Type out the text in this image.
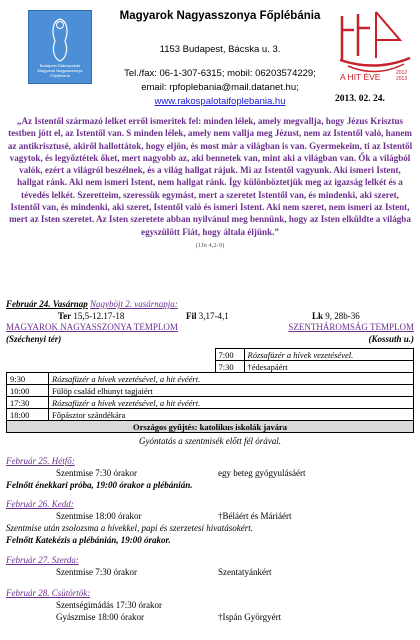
Budapest-Rákospalota
Magyarok Nagyasszonya
Főplébánia
Magyarok Nagyasszonya Főplébánia
1153 Budapest, Bácska u. 3.
Tel./fax: 06-1-307-6315; mobil: 06203574229;
email: rpfoplebania@mail.datanet.hu;
www.rakospalotaifoplebania.hu
A HIT ÉVE	2012
2013
2013. 02. 24.
„Az Istentől származó lelket erről ismeritek fel: minden lélek, amely megvallja, hogy Jézus Krisztus testben jött el, az Istentől van. S minden lélek, amely nem vallja meg Jézust, nem az Istentől való, hanem az antikrisztusé, akiről hallottátok, hogy eljön, és most már a világban is van. Gyermekeim, ti az Istentől vagytok, és legyőztétek őket, mert nagyobb az, aki bennetek van, mint aki a világban van. Ők a világból valók, ezért a világról beszélnek, és a világ hallgat rájuk. Mi az Istentől vagyunk. Aki ismeri Istent, hallgat ránk. Aki nem ismeri Istent, nem hallgat ránk. Így különböztetjük meg az igazság lelkét és a tévedés lelkét. Szeretteim, szeressük egymást, mert a szeretet Istentől van, és mindenki, aki szeret, Istentől van, és mindenki, aki szeret, Istentől való és ismeri Istent. Aki nem szeret, nem ismeri az Istent, mert az Isten szeretet. Az Isten szeretete abban nyilvánul meg bennünk, hogy az Isten elküldte a világba egyszülött Fiát, hogy általa éljünk.”
(1Jn 4,2-9)
Február 24. Vasárnap Nagyböjt 2. vasárnapja:
Ter 15,5-12.17-18	Fil 3,17-4,1	Lk 9, 28b-36
MAGYAROK NAGYASSZONYA TEMPLOM	SZENTHÁROMSÁG TEMPLOM
(Széchenyi tér)	(Kossuth u.)
		7:00	Rózsafüzér a hívek vezetésével.
		7:30	†édesapáért
9:30	Rózsafüzér a hívek vezetésével, a hit évéért.		
10:00	Fülöp család elhunyt tagjaiért		
17:30	Rózsafüzér a hívek vezetésével, a hit évéért.		
18:00	Főpásztor szándékára		
Országos gyűjtés: katolikus iskolák javára			
Gyóntatás a szentmisék előtt fél órával.
Február 25. Hétfő:
Szentmise 7:30 órakor	egy beteg gyógyulásáért
Felnőtt énekkari próba, 19:00 órakor a plébánián.
Február 26. Kedd:
Szentmise 18:00 órakor	†Béláért és Máriáért
Szentmise után zsolozsma a hívekkel, papi és szerzetesi hivatásokért.
Felnőtt Katekézis a plébánián, 19:00 órakor.
Február 27. Szerda:
Szentmise 7:30 órakor	Szentatyánkért
Február 28. Csütörtök:
Szentségimádás 17:30 órakor
Gyászmise 18:00 órakor	†Ispán Györgyért
